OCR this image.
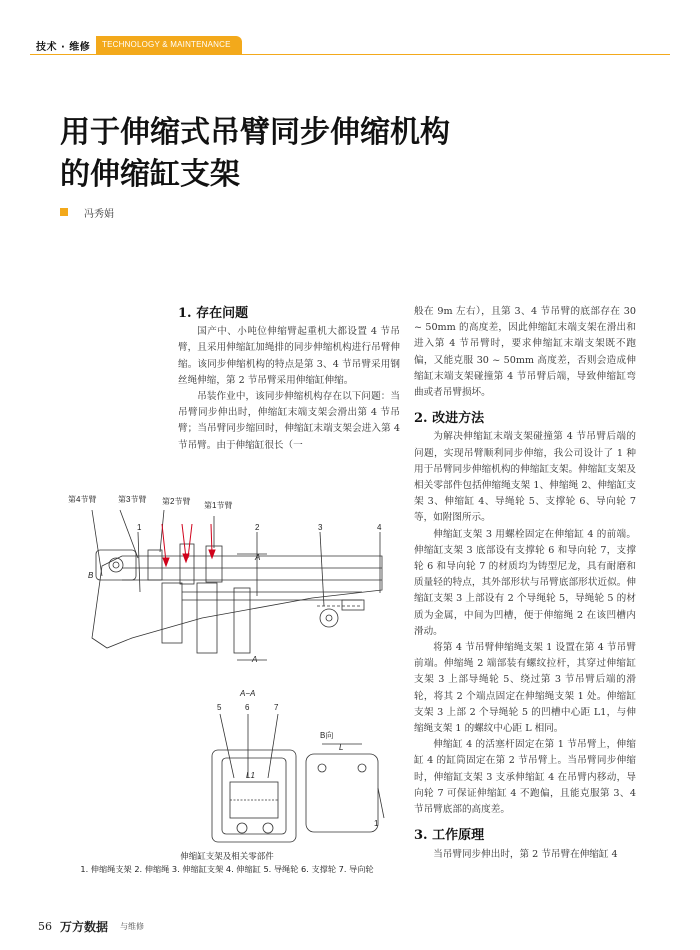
技术 · 维修 TECHNOLOGY & MAINTENANCE
用于伸缩式吊臂同步伸缩机构
的伸缩缸支架
冯秀娟
1. 存在问题

国产中、小吨位伸缩臂起重机大都设置 4 节吊臂，且采用伸缩缸加绳排的同步伸缩机构进行吊臂伸缩。该同步伸缩机构的特点是第 3、4 节吊臂采用钢丝绳伸缩，第 2 节吊臂采用伸缩缸伸缩。

吊装作业中，该同步伸缩机构存在以下问题：当吊臂同步伸出时，伸缩缸末端支架会滑出第 4 节吊臂；当吊臂同步缩回时，伸缩缸末端支架会进入第 4 节吊臂。由于伸缩缸很长（一

般在 9m 左右），且第 3、4 节吊臂的底部存在 30 ~ 50mm 的高度差，因此伸缩缸末端支架在滑出和进入第 4 节吊臂时，要求伸缩缸末端支架既不跑偏，又能克服 30 ~ 50mm 高度差，否则会造成伸缩缸末端支架碰撞第 4 节吊臂后端，导致伸缩缸弯曲或者吊臂损坏。

2. 改进方法

为解决伸缩缸末端支架碰撞第 4 节吊臂后端的问题，实现吊臂顺利同步伸缩，我公司设计了 1 种用于吊臂同步伸缩机构的伸缩缸支架。伸缩缸支架及相关零部件包括伸缩绳支架 1、伸缩绳 2、伸缩缸支架 3、伸缩缸 4、导绳轮 5、支撑轮 6、导向轮 7 等，如附图所示。

伸缩缸支架 3 用螺栓固定在伸缩缸 4 的前端。伸缩缸支架 3 底部设有支撑轮 6 和导向轮 7，支撑轮 6 和导向轮 7 的材质均为铸型尼龙，具有耐磨和质量轻的特点，其外部形状与吊臂底部形状近似。伸缩缸支架 3 上部设有 2 个导绳轮 5，导绳轮 5 的材质为金属，中间为凹槽，便于伸缩绳 2 在该凹槽内滑动。

将第 4 节吊臂伸缩绳支架 1 设置在第 4 节吊臂前端。伸缩绳 2 端部装有螺纹拉杆，其穿过伸缩缸支架 3 上部导绳轮 5、绕过第 3 节吊臂后端的滑轮，将其 2 个端点固定在伸缩绳支架 1 处。伸缩缸支架 3 上部 2 个导绳轮 5 的凹槽中心距 L1，与伸缩绳支架 1 的螺纹中心距 L 相同。

伸缩缸 4 的活塞杆固定在第 1 节吊臂上，伸缩缸 4 的缸筒固定在第 2 节吊臂上。当吊臂同步伸缩时，伸缩缸支架 3 支承伸缩缸 4 在吊臂内移动，导向轮 7 可保证伸缩缸 4 不跑偏，且能克服第 3、4 节吊臂底部的高度差。

3. 工作原理

当吊臂同步伸出时，第 2 节吊臂在伸缩缸 4

第4节臂	第3节臂 第2节臂 第1节臂
1	2	3	4
B
A
A
A−A
5	6	7
B向
L
L1
1
伸缩缸支架及相关零部件
1. 伸缩绳支架 2. 伸缩绳 3. 伸缩缸支架 4. 伸缩缸 5. 导绳轮 6. 支撑轮 7. 导向轮
56 万方数据 与维修
